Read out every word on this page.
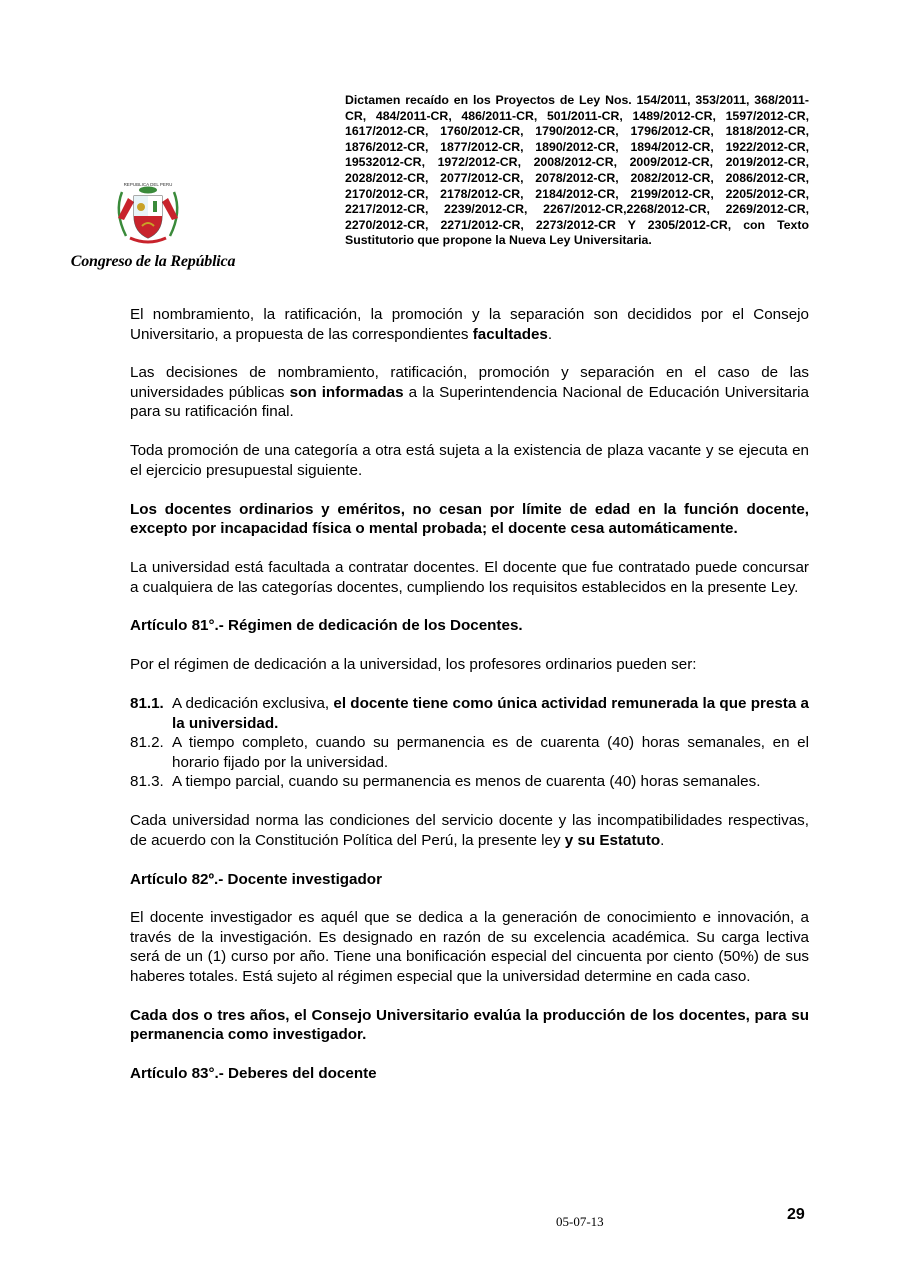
REPUBLICA DEL PERU
Congreso de la República

Dictamen recaído en los Proyectos de Ley Nos. 154/2011, 353/2011, 368/2011-CR, 484/2011-CR, 486/2011-CR, 501/2011-CR, 1489/2012-CR, 1597/2012-CR, 1617/2012-CR, 1760/2012-CR, 1790/2012-CR, 1796/2012-CR, 1818/2012-CR, 1876/2012-CR, 1877/2012-CR, 1890/2012-CR, 1894/2012-CR, 1922/2012-CR, 19532012-CR, 1972/2012-CR, 2008/2012-CR, 2009/2012-CR, 2019/2012-CR, 2028/2012-CR, 2077/2012-CR, 2078/2012-CR, 2082/2012-CR, 2086/2012-CR, 2170/2012-CR, 2178/2012-CR, 2184/2012-CR, 2199/2012-CR, 2205/2012-CR, 2217/2012-CR, 2239/2012-CR, 2267/2012-CR,2268/2012-CR, 2269/2012-CR, 2270/2012-CR, 2271/2012-CR, 2273/2012-CR Y 2305/2012-CR, con Texto Sustitutorio que propone la Nueva Ley Universitaria.

El nombramiento, la ratificación, la promoción y la separación son decididos por el Consejo Universitario, a propuesta de las correspondientes facultades.

Las decisiones de nombramiento, ratificación, promoción y separación en el caso de las universidades públicas son informadas a la Superintendencia Nacional de Educación Universitaria para su ratificación final.

Toda promoción de una categoría a otra está sujeta a la existencia de plaza vacante y se ejecuta en el ejercicio presupuestal siguiente.

Los docentes ordinarios y eméritos, no cesan por límite de edad en la función docente, excepto por incapacidad física o mental probada; el docente cesa automáticamente.

La universidad está facultada a contratar docentes. El docente que fue contratado puede concursar a cualquiera de las categorías docentes, cumpliendo los requisitos establecidos en la presente Ley.

Artículo 81°.- Régimen de dedicación de los Docentes.

Por el régimen de dedicación a la universidad, los profesores ordinarios pueden ser:

81.1. A dedicación exclusiva, el docente tiene como única actividad remunerada la que presta a la universidad.
81.2. A tiempo completo, cuando su permanencia es de cuarenta (40) horas semanales, en el horario fijado por la universidad.
81.3. A tiempo parcial, cuando su permanencia es menos de cuarenta (40) horas semanales.

Cada universidad norma las condiciones del servicio docente y las incompatibilidades respectivas, de acuerdo con la Constitución Política del Perú, la presente ley y su Estatuto.

Artículo 82º.- Docente investigador

El docente investigador es aquél que se dedica a la generación de conocimiento e innovación, a través de la investigación. Es designado en razón de su excelencia académica. Su carga lectiva será de un (1) curso por año. Tiene una bonificación especial del cincuenta por ciento (50%) de sus haberes totales. Está sujeto al régimen especial que la universidad determine en cada caso.

Cada dos o tres años, el Consejo Universitario evalúa la producción de los docentes, para su permanencia como investigador.

Artículo 83°.- Deberes del docente
05-07-13	29
